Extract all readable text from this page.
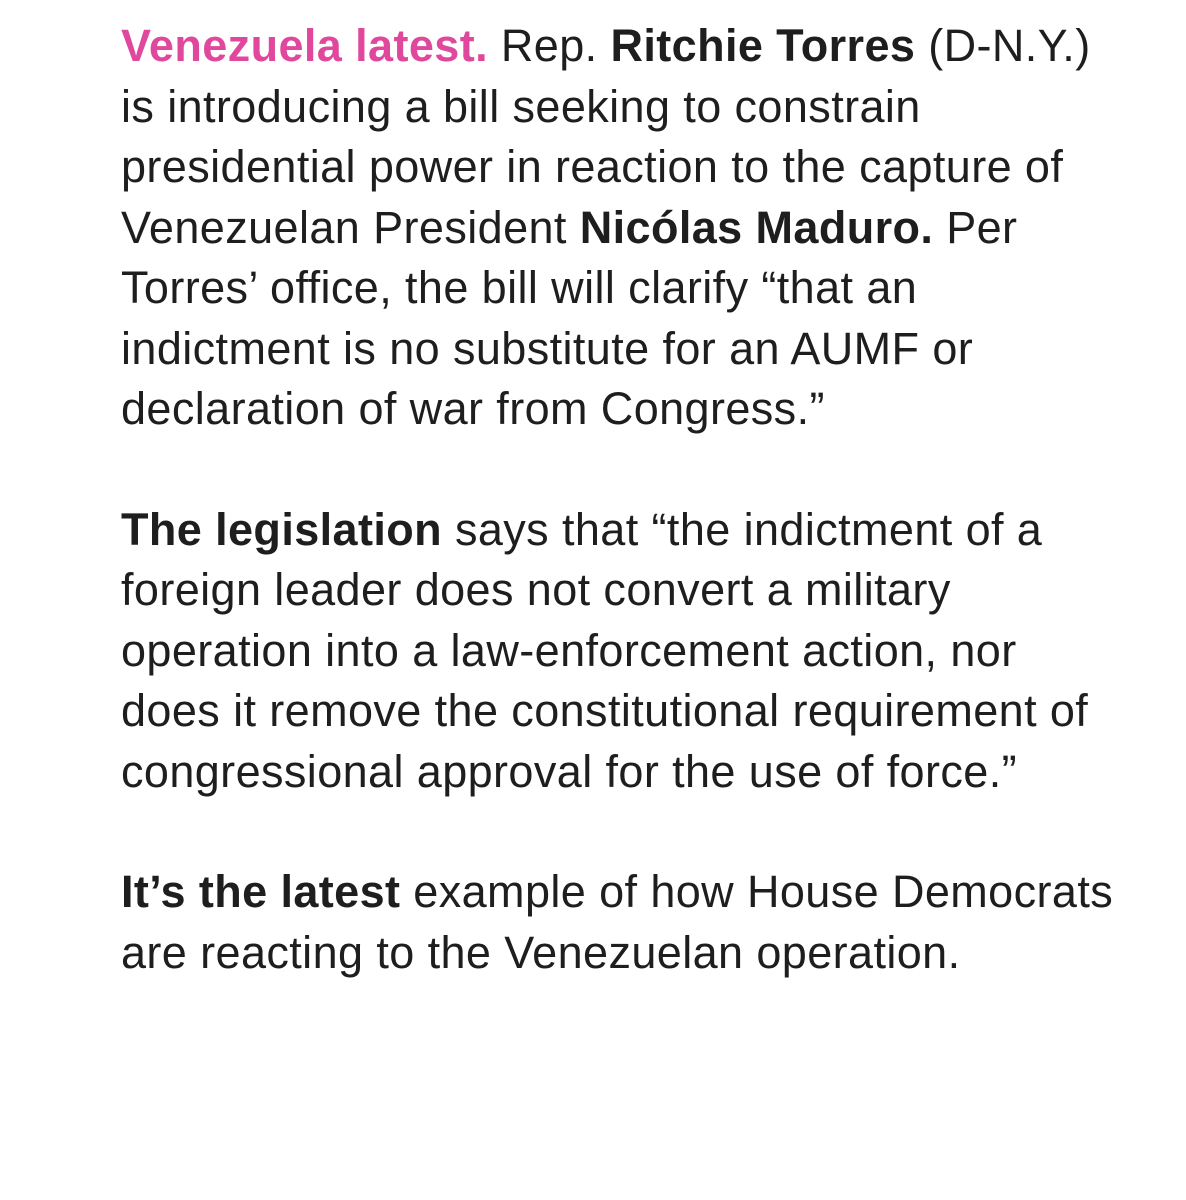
Venezuela latest. Rep. Ritchie Torres (D-N.Y.) is introducing a bill seeking to constrain presidential power in reaction to the capture of Venezuelan President Nicólas Maduro. Per Torres’ office, the bill will clarify “that an indictment is no substitute for an AUMF or declaration of war from Congress.”

The legislation says that “the indictment of a foreign leader does not convert a military operation into a law-enforcement action, nor does it remove the constitutional requirement of congressional approval for the use of force.”

It’s the latest example of how House Democrats are reacting to the Venezuelan operation.
